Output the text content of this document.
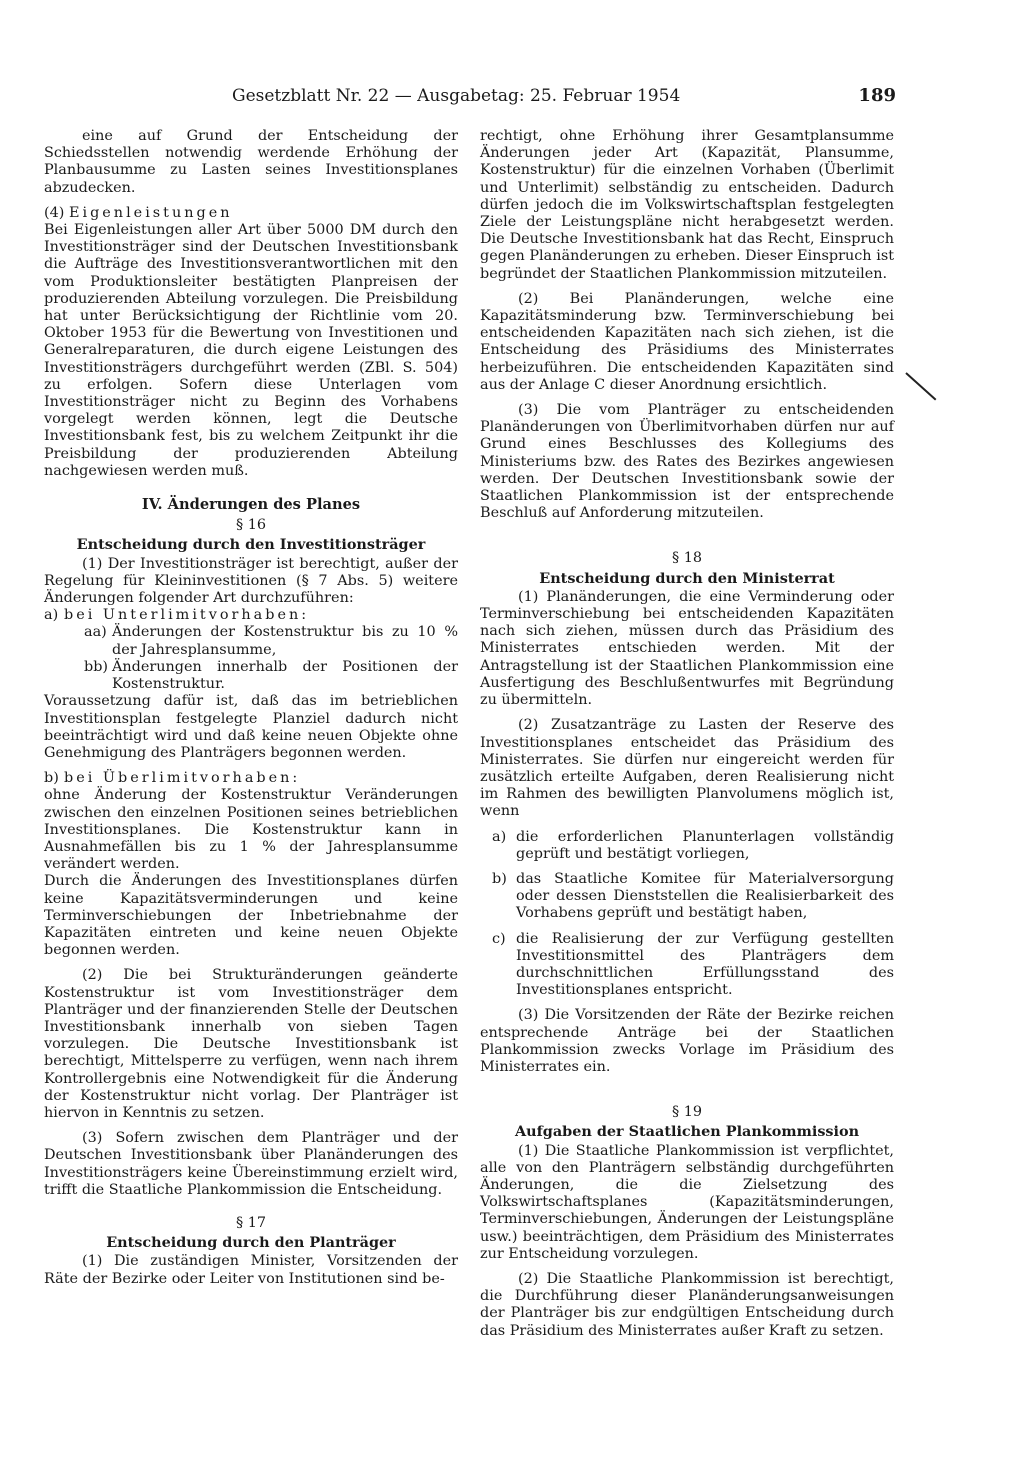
Gesetzblatt Nr. 22 — Ausgabetag: 25. Februar 1954	189

eine auf Grund der Entscheidung der Schiedsstellen notwendig werdende Erhöhung der Planbausumme zu Lasten seines Investitionsplanes abzudecken.

(4) Eigenleistungen

Bei Eigenleistungen aller Art über 5000 DM durch den Investitionsträger sind der Deutschen Investitionsbank die Aufträge des Investitionsverantwortlichen mit den vom Produktionsleiter bestätigten Planpreisen der produzierenden Abteilung vorzulegen. Die Preisbildung hat unter Berücksichtigung der Richtlinie vom 20. Oktober 1953 für die Bewertung von Investitionen und Generalreparaturen, die durch eigene Leistungen des Investitionsträgers durchgeführt werden (ZBl. S. 504) zu erfolgen. Sofern diese Unterlagen vom Investitionsträger nicht zu Beginn des Vorhabens vorgelegt werden können, legt die Deutsche Investitionsbank fest, bis zu welchem Zeitpunkt ihr die Preisbildung der produzierenden Abteilung nachgewiesen werden muß.

IV. Änderungen des Planes
§ 16
Entscheidung durch den Investitionsträger

(1) Der Investitionsträger ist berechtigt, außer der Regelung für Kleininvestitionen (§ 7 Abs. 5) weitere Änderungen folgender Art durchzuführen:

a) bei Unterlimitvorhaben:
aa) Änderungen der Kostenstruktur bis zu 10 % der Jahresplansumme,
bb) Änderungen innerhalb der Positionen der Kostenstruktur.

Voraussetzung dafür ist, daß das im betrieblichen Investitionsplan festgelegte Planziel dadurch nicht beeinträchtigt wird und daß keine neuen Objekte ohne Genehmigung des Planträgers begonnen werden.

b) bei Überlimitvorhaben:

ohne Änderung der Kostenstruktur Veränderungen zwischen den einzelnen Positionen seines betrieblichen Investitionsplanes. Die Kostenstruktur kann in Ausnahmefällen bis zu 1 % der Jahresplansumme verändert werden.

Durch die Änderungen des Investitionsplanes dürfen keine Kapazitätsverminderungen und keine Terminverschiebungen der Inbetriebnahme der Kapazitäten eintreten und keine neuen Objekte begonnen werden.

(2) Die bei Strukturänderungen geänderte Kostenstruktur ist vom Investitionsträger dem Planträger und der finanzierenden Stelle der Deutschen Investitionsbank innerhalb von sieben Tagen vorzulegen. Die Deutsche Investitionsbank ist berechtigt, Mittelsperre zu verfügen, wenn nach ihrem Kontrollergebnis eine Notwendigkeit für die Änderung der Kostenstruktur nicht vorlag. Der Planträger ist hiervon in Kenntnis zu setzen.

(3) Sofern zwischen dem Planträger und der Deutschen Investitionsbank über Planänderungen des Investitionsträgers keine Übereinstimmung erzielt wird, trifft die Staatliche Plankommission die Entscheidung.

§ 17
Entscheidung durch den Planträger

(1) Die zuständigen Minister, Vorsitzenden der Räte der Bezirke oder Leiter von Institutionen sind be-

rechtigt, ohne Erhöhung ihrer Gesamtplansumme Änderungen jeder Art (Kapazität, Plansumme, Kostenstruktur) für die einzelnen Vorhaben (Überlimit und Unterlimit) selbständig zu entscheiden. Dadurch dürfen jedoch die im Volkswirtschaftsplan festgelegten Ziele der Leistungspläne nicht herabgesetzt werden. Die Deutsche Investitionsbank hat das Recht, Einspruch gegen Planänderungen zu erheben. Dieser Einspruch ist begründet der Staatlichen Plankommission mitzuteilen.

(2) Bei Planänderungen, welche eine Kapazitätsminderung bzw. Terminverschiebung bei entscheidenden Kapazitäten nach sich ziehen, ist die Entscheidung des Präsidiums des Ministerrates herbeizuführen. Die entscheidenden Kapazitäten sind aus der Anlage C dieser Anordnung ersichtlich.

(3) Die vom Planträger zu entscheidenden Planänderungen von Überlimitvorhaben dürfen nur auf Grund eines Beschlusses des Kollegiums des Ministeriums bzw. des Rates des Bezirkes angewiesen werden. Der Deutschen Investitionsbank sowie der Staatlichen Plankommission ist der entsprechende Beschluß auf Anforderung mitzuteilen.

§ 18
Entscheidung durch den Ministerrat

(1) Planänderungen, die eine Verminderung oder Terminverschiebung bei entscheidenden Kapazitäten nach sich ziehen, müssen durch das Präsidium des Ministerrates entschieden werden. Mit der Antragstellung ist der Staatlichen Plankommission eine Ausfertigung des Beschlußentwurfes mit Begründung zu übermitteln.

(2) Zusatzanträge zu Lasten der Reserve des Investitionsplanes entscheidet das Präsidium des Ministerrates. Sie dürfen nur eingereicht werden für zusätzlich erteilte Aufgaben, deren Realisierung nicht im Rahmen des bewilligten Planvolumens möglich ist, wenn

a) die erforderlichen Planunterlagen vollständig geprüft und bestätigt vorliegen,
b) das Staatliche Komitee für Materialversorgung oder dessen Dienststellen die Realisierbarkeit des Vorhabens geprüft und bestätigt haben,
c) die Realisierung der zur Verfügung gestellten Investitionsmittel des Planträgers dem durchschnittlichen Erfüllungsstand des Investitionsplanes entspricht.

(3) Die Vorsitzenden der Räte der Bezirke reichen entsprechende Anträge bei der Staatlichen Plankommission zwecks Vorlage im Präsidium des Ministerrates ein.

§ 19
Aufgaben der Staatlichen Plankommission

(1) Die Staatliche Plankommission ist verpflichtet, alle von den Planträgern selbständig durchgeführten Änderungen, die die Zielsetzung des Volkswirtschaftsplanes (Kapazitätsminderungen, Terminverschiebungen, Änderungen der Leistungspläne usw.) beeinträchtigen, dem Präsidium des Ministerrates zur Entscheidung vorzulegen.

(2) Die Staatliche Plankommission ist berechtigt, die Durchführung dieser Planänderungsanweisungen der Planträger bis zur endgültigen Entscheidung durch das Präsidium des Ministerrates außer Kraft zu setzen.
